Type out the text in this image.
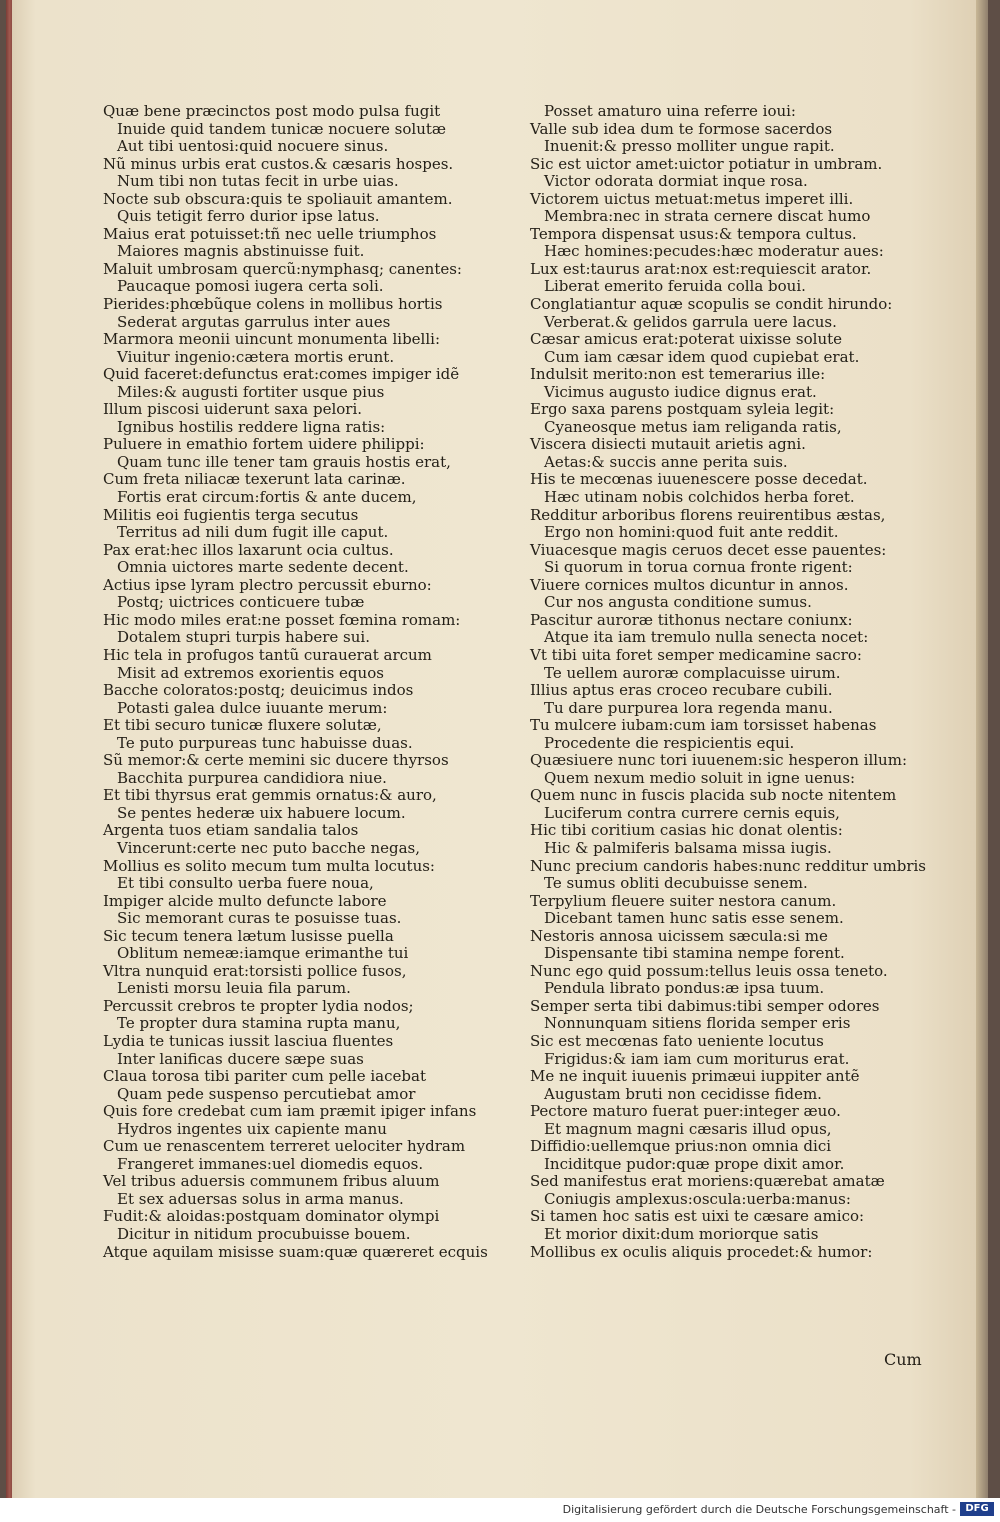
Quæ bene præcinctos post modo pulsa fugit
Inuide quid tandem tunicæ nocuere solutæ
Aut tibi uentosi:quid nocuere sinus.
Nũ minus urbis erat custos.& cæsaris hospes.
Num tibi non tutas fecit in urbe uias.
Nocte sub obscura:quis te spoliauit amantem.
Quis tetigit ferro durior ipse latus.
Maius erat potuisset:tñ nec uelle triumphos
Maiores magnis abstinuisse fuit.
Maluit umbrosam quercũ:nymphasq; canentes:
Paucaque pomosi iugera certa soli.
Pierides:phœbũque colens in mollibus hortis
Sederat argutas garrulus inter aues
Marmora meonii uincunt monumenta libelli:
Viuitur ingenio:cætera mortis erunt.
Quid faceret:defunctus erat:comes impiger idẽ
Miles:& augusti fortiter usque pius
Illum piscosi uiderunt saxa pelori.
Ignibus hostilis reddere ligna ratis:
Puluere in emathio fortem uidere philippi:
Quam tunc ille tener tam grauis hostis erat,
Cum freta niliacæ texerunt lata carinæ.
Fortis erat circum:fortis & ante ducem,
Militis eoi fugientis terga secutus
Territus ad nili dum fugit ille caput.
Pax erat:hec illos laxarunt ocia cultus.
Omnia uictores marte sedente decent.
Actius ipse lyram plectro percussit eburno:
Postq; uictrices conticuere tubæ
Hic modo miles erat:ne posset fœmina romam:
Dotalem stupri turpis habere sui.
Hic tela in profugos tantũ curauerat arcum
Misit ad extremos exorientis equos
Bacche coloratos:postq; deuicimus indos
Potasti galea dulce iuuante merum:
Et tibi securo tunicæ fluxere solutæ,
Te puto purpureas tunc habuisse duas.
Sũ memor:& certe memini sic ducere thyrsos
Bacchita purpurea candidiora niue.
Et tibi thyrsus erat gemmis ornatus:& auro,
Se pentes hederæ uix habuere locum.
Argenta tuos etiam sandalia talos
Vincerunt:certe nec puto bacche negas,
Mollius es solito mecum tum multa locutus:
Et tibi consulto uerba fuere noua,
Impiger alcide multo defuncte labore
Sic memorant curas te posuisse tuas.
Sic tecum tenera lætum lusisse puella
Oblitum nemeæ:iamque erimanthe tui
Vltra nunquid erat:torsisti pollice fusos,
Lenisti morsu leuia fila parum.
Percussit crebros te propter lydia nodos;
Te propter dura stamina rupta manu,
Lydia te tunicas iussit lasciua fluentes
Inter lanificas ducere sæpe suas
Claua torosa tibi pariter cum pelle iacebat
Quam pede suspenso percutiebat amor
Quis fore credebat cum iam præmit ipiger infans
Hydros ingentes uix capiente manu
Cum ue renascentem terreret uelociter hydram
Frangeret immanes:uel diomedis equos.
Vel tribus aduersis communem fribus aluum
Et sex aduersas solus in arma manus.
Fudit:& aloidas:postquam dominator olympi
Dicitur in nitidum procubuisse bouem.
Atque aquilam misisse suam:quæ quæreret ecquis
Posset amaturo uina referre ioui:
Valle sub idea dum te formose sacerdos
Inuenit:& presso molliter ungue rapit.
Sic est uictor amet:uictor potiatur in umbram.
Victor odorata dormiat inque rosa.
Victorem uictus metuat:metus imperet illi.
Membra:nec in strata cernere discat humo
Tempora dispensat usus:& tempora cultus.
Hæc homines:pecudes:hæc moderatur aues:
Lux est:taurus arat:nox est:requiescit arator.
Liberat emerito feruida colla boui.
Conglatiantur aquæ scopulis se condit hirundo:
Verberat.& gelidos garrula uere lacus.
Cæsar amicus erat:poterat uixisse solute
Cum iam cæsar idem quod cupiebat erat.
Indulsit merito:non est temerarius ille:
Vicimus augusto iudice dignus erat.
Ergo saxa parens postquam syleia legit:
Cyaneosque metus iam religanda ratis,
Viscera disiecti mutauit arietis agni.
Aetas:& succis anne perita suis.
His te mecœnas iuuenescere posse decedat.
Hæc utinam nobis colchidos herba foret.
Redditur arboribus florens reuirentibus æstas,
Ergo non homini:quod fuit ante reddit.
Viuacesque magis ceruos decet esse pauentes:
Si quorum in torua cornua fronte rigent:
Viuere cornices multos dicuntur in annos.
Cur nos angusta conditione sumus.
Pascitur auroræ tithonus nectare coniunx:
Atque ita iam tremulo nulla senecta nocet:
Vt tibi uita foret semper medicamine sacro:
Te uellem auroræ complacuisse uirum.
Illius aptus eras croceo recubare cubili.
Tu dare purpurea lora regenda manu.
Tu mulcere iubam:cum iam torsisset habenas
Procedente die respicientis equi.
Quæsiuere nunc tori iuuenem:sic hesperon illum:
Quem nexum medio soluit in igne uenus:
Quem nunc in fuscis placida sub nocte nitentem
Luciferum contra currere cernis equis,
Hic tibi coritium casias hic donat olentis:
Hic & palmiferis balsama missa iugis.
Nunc precium candoris habes:nunc redditur umbris
Te sumus obliti decubuisse senem.
Terpylium fleuere suiter nestora canum.
Dicebant tamen hunc satis esse senem.
Nestoris annosa uicissem sæcula:si me
Dispensante tibi stamina nempe forent.
Nunc ego quid possum:tellus leuis ossa teneto.
Pendula librato pondus:æ ipsa tuum.
Semper serta tibi dabimus:tibi semper odores
Nonnunquam sitiens florida semper eris
Sic est mecœnas fato ueniente locutus
Frigidus:& iam iam cum moriturus erat.
Me ne inquit iuuenis primæui iuppiter antẽ
Augustam bruti non cecidisse fidem.
Pectore maturo fuerat puer:integer æuo.
Et magnum magni cæsaris illud opus,
Diffidio:uellemque prius:non omnia dici
Inciditque pudor:quæ prope dixit amor.
Sed manifestus erat moriens:quærebat amatæ
Coniugis amplexus:oscula:uerba:manus:
Si tamen hoc satis est uixi te cæsare amico:
Et morior dixit:dum moriorque satis
Mollibus ex oculis aliquis procedet:& humor:
Cum
Digitalisierung gefördert durch die Deutsche Forschungsgemeinschaft - DFG
